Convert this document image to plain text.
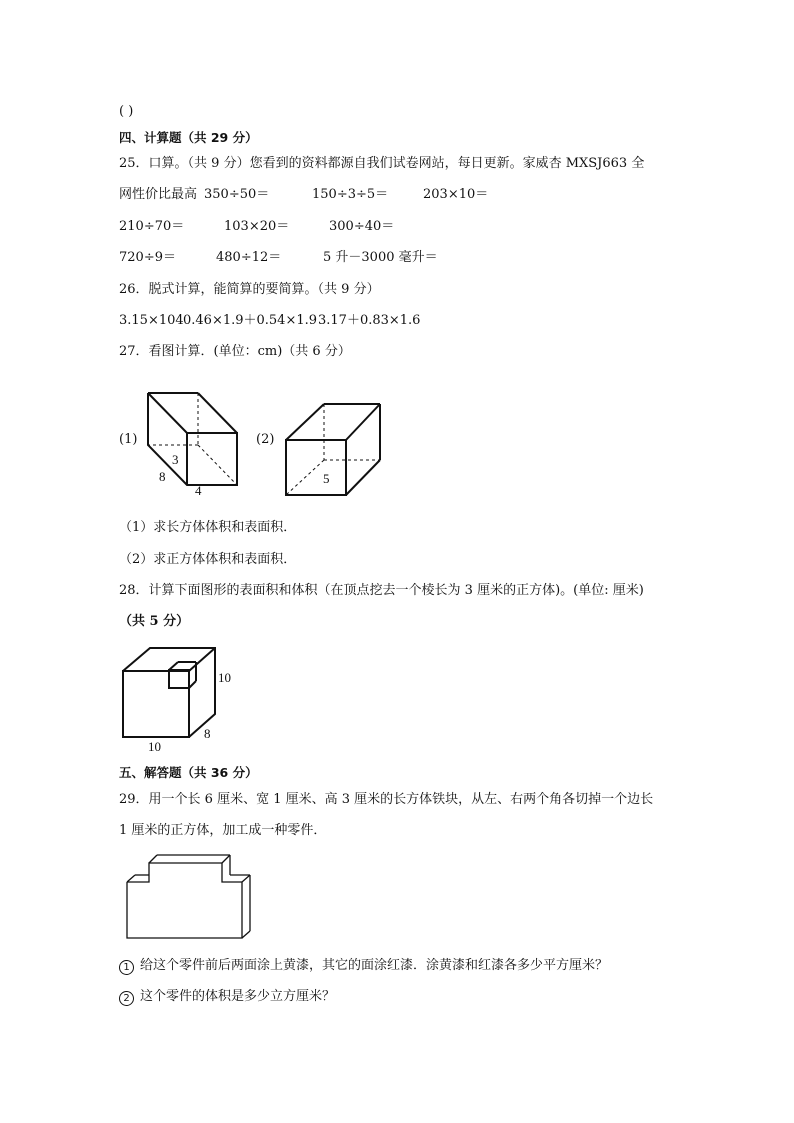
( )
四、计算题（共 29 分）
25．口算。（共 9 分）您看到的资料都源自我们试卷网站，每日更新。家威杏 MXSJ663 全
网性价比最高 350÷50＝	150÷3÷5＝	203×10＝
210÷70＝	103×20＝	300÷40＝
720÷9＝	480÷12＝	5 升－3000 毫升＝
26．脱式计算，能简算的要简算。（共 9 分）
3.15×104 0.46×1.9＋0.54×1.9 3.17＋0.83×1.6
27．看图计算．(单位：cm)（共 6 分）
(1)
3
8
4
(2)
5
（1）求长方体体积和表面积．
（2）求正方体体积和表面积．
28．计算下面图形的表面积和体积（在顶点挖去一个棱长为 3 厘米的正方体)。(单位: 厘米)
（共 5 分）
10
10
8
五、解答题（共 36 分）
29．用一个长 6 厘米、宽 1 厘米、高 3 厘米的长方体铁块，从左、右两个角各切掉一个边长
1 厘米的正方体，加工成一种零件．
1 给这个零件前后两面涂上黄漆，其它的面涂红漆．涂黄漆和红漆各多少平方厘米？
2 这个零件的体积是多少立方厘米？
